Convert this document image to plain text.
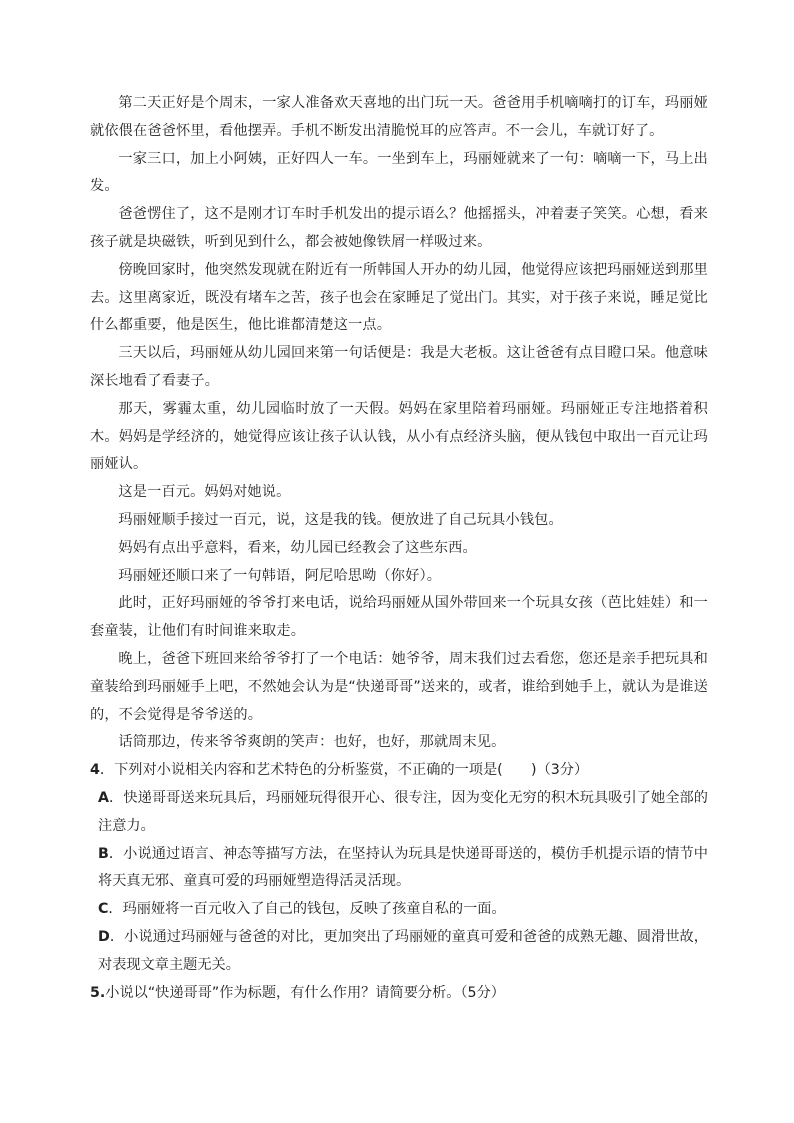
第二天正好是个周末，一家人准备欢天喜地的出门玩一天。爸爸用手机嘀嘀打的订车，玛丽娅就依偎在爸爸怀里，看他摆弄。手机不断发出清脆悦耳的应答声。不一会儿，车就订好了。

一家三口，加上小阿姨，正好四人一车。一坐到车上，玛丽娅就来了一句：嘀嘀一下，马上出发。

爸爸愣住了，这不是刚才订车时手机发出的提示语么？他摇摇头，冲着妻子笑笑。心想，看来孩子就是块磁铁，听到见到什么，都会被她像铁屑一样吸过来。

傍晚回家时，他突然发现就在附近有一所韩国人开办的幼儿园，他觉得应该把玛丽娅送到那里去。这里离家近，既没有堵车之苦，孩子也会在家睡足了觉出门。其实，对于孩子来说，睡足觉比什么都重要，他是医生，他比谁都清楚这一点。

三天以后，玛丽娅从幼儿园回来第一句话便是：我是大老板。这让爸爸有点目瞪口呆。他意味深长地看了看妻子。

那天，雾霾太重，幼儿园临时放了一天假。妈妈在家里陪着玛丽娅。玛丽娅正专注地搭着积木。妈妈是学经济的，她觉得应该让孩子认认钱，从小有点经济头脑，便从钱包中取出一百元让玛丽娅认。

这是一百元。妈妈对她说。

玛丽娅顺手接过一百元，说，这是我的钱。便放进了自己玩具小钱包。

妈妈有点出乎意料，看来，幼儿园已经教会了这些东西。

玛丽娅还顺口来了一句韩语，阿尼哈思呦（你好）。

此时，正好玛丽娅的爷爷打来电话，说给玛丽娅从国外带回来一个玩具女孩（芭比娃娃）和一套童装，让他们有时间谁来取走。

晚上，爸爸下班回来给爷爷打了一个电话：她爷爷，周末我们过去看您，您还是亲手把玩具和童装给到玛丽娅手上吧，不然她会认为是“快递哥哥”送来的，或者，谁给到她手上，就认为是谁送的，不会觉得是爷爷送的。

话筒那边，传来爷爷爽朗的笑声：也好，也好，那就周末见。

4．下列对小说相关内容和艺术特色的分析鉴赏，不正确的一项是(　　)（3分）

A．快递哥哥送来玩具后，玛丽娅玩得很开心、很专注，因为变化无穷的积木玩具吸引了她全部的注意力。

B．小说通过语言、神态等描写方法，在坚持认为玩具是快递哥哥送的，模仿手机提示语的情节中将天真无邪、童真可爱的玛丽娅塑造得活灵活现。

C．玛丽娅将一百元收入了自己的钱包，反映了孩童自私的一面。

D．小说通过玛丽娅与爸爸的对比，更加突出了玛丽娅的童真可爱和爸爸的成熟无趣、圆滑世故，对表现文章主题无关。

5.小说以“快递哥哥”作为标题，有什么作用？请简要分析。（5分）
